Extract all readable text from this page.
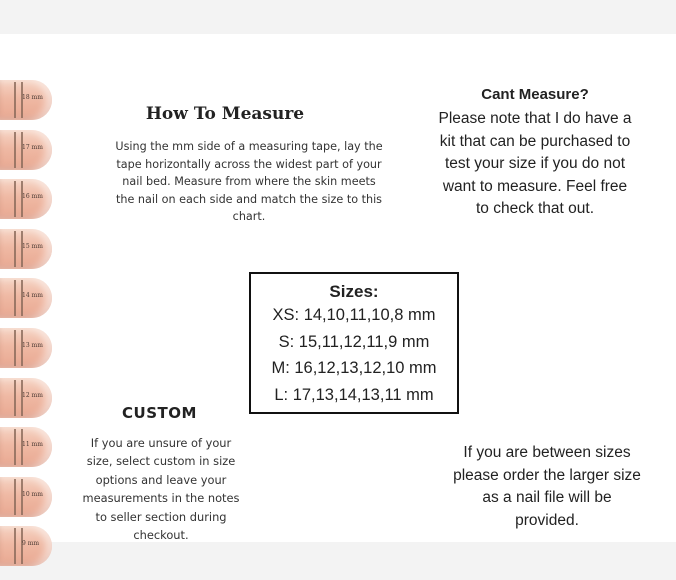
18 mm
17 mm
16 mm
15 mm
14 mm
13 mm
12 mm
11 mm
10 mm
9 mm
How To Measure
Using the mm side of a measuring tape, lay the tape horizontally across the widest part of your nail bed. Measure from where the skin meets the nail on each side and match the size to this chart.
Cant Measure?
Please note that I do have a kit that can be purchased to test your size if you do not want to measure. Feel free to check that out.
Sizes:
XS: 14,10,11,10,8 mm
S: 15,11,12,11,9 mm
M: 16,12,13,12,10 mm
L: 17,13,14,13,11 mm
CUSTOM
If you are unsure of your size, select custom in size options and leave your measurements in the notes to seller section during checkout.
If you are between sizes please order the larger size as a nail file will be provided.
